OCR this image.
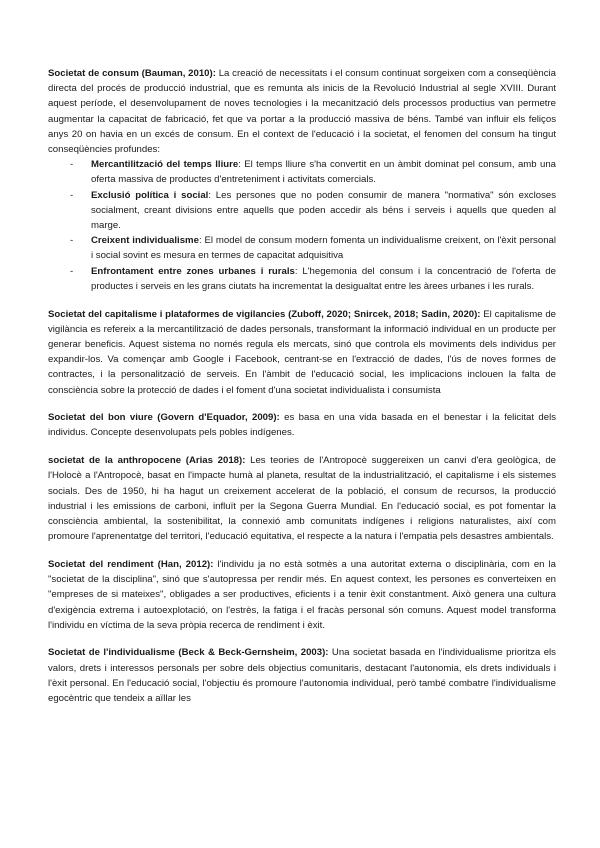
Societat de consum (Bauman, 2010): La creació de necessitats i el consum continuat sorgeixen com a conseqüència directa del procés de producció industrial, que es remunta als inicis de la Revolució Industrial al segle XVIII. Durant aquest període, el desenvolupament de noves tecnologies i la mecanització dels processos productius van permetre augmentar la capacitat de fabricació, fet que va portar a la producció massiva de béns. També van influir els feliços anys 20 on havia en un excés de consum. En el context de l'educació i la societat, el fenomen del consum ha tingut conseqüències profundes:

- Mercantilització del temps lliure: El temps lliure s'ha convertit en un àmbit dominat pel consum, amb una oferta massiva de productes d'entreteniment i activitats comercials.
- Exclusió política i social: Les persones que no poden consumir de manera "normativa" són excloses socialment, creant divisions entre aquells que poden accedir als béns i serveis i aquells que queden al marge.
- Creixent individualisme: El model de consum modern fomenta un individualisme creixent, on l'èxit personal i social sovint es mesura en termes de capacitat adquisitiva
- Enfrontament entre zones urbanes i rurals: L'hegemonia del consum i la concentració de l'oferta de productes i serveis en les grans ciutats ha incrementat la desigualtat entre les àrees urbanes i les rurals.

Societat del capitalisme i plataformes de vigilancies (Zuboff, 2020; Snircek, 2018; Sadin, 2020): El capitalisme de vigilància es refereix a la mercantilització de dades personals, transformant la informació individual en un producte per generar beneficis. Aquest sistema no només regula els mercats, sinó que controla els moviments dels individus per expandir-los. Va començar amb Google i Facebook, centrant-se en l'extracció de dades, l'ús de noves formes de contractes, i la personalització de serveis. En l'àmbit de l'educació social, les implicacions inclouen la falta de consciència sobre la protecció de dades i el foment d'una societat individualista i consumista

Societat del bon viure (Govern d'Equador, 2009): es basa en una vida basada en el benestar i la felicitat dels individus. Concepte desenvolupats pels pobles indígenes.

societat de la anthropocene (Arias 2018): Les teories de l'Antropocè suggereixen un canvi d'era geològica, de l'Holocè a l'Antropocè, basat en l'impacte humà al planeta, resultat de la industrialització, el capitalisme i els sistemes socials. Des de 1950, hi ha hagut un creixement accelerat de la població, el consum de recursos, la producció industrial i les emissions de carboni, influït per la Segona Guerra Mundial. En l'educació social, es pot fomentar la consciència ambiental, la sostenibilitat, la connexió amb comunitats indígenes i religions naturalistes, així com promoure l'aprenentatge del territori, l'educació equitativa, el respecte a la natura i l'empatia pels desastres ambientals.

Societat del rendiment (Han, 2012): l'individu ja no està sotmès a una autoritat externa o disciplinària, com en la "societat de la disciplina", sinó que s'autopressa per rendir més. En aquest context, les persones es converteixen en "empreses de si mateixes", obligades a ser productives, eficients i a tenir èxit constantment. Això genera una cultura d'exigència extrema i autoexplotació, on l'estrès, la fatiga i el fracàs personal són comuns. Aquest model transforma l'individu en víctima de la seva pròpia recerca de rendiment i èxit.

Societat de l'individualisme (Beck & Beck-Gernsheim, 2003): Una societat basada en l'individualisme prioritza els valors, drets i interessos personals per sobre dels objectius comunitaris, destacant l'autonomia, els drets individuals i l'èxit personal. En l'educació social, l'objectiu és promoure l'autonomia individual, però també combatre l'individualisme egocèntric que tendeix a aïllar les
